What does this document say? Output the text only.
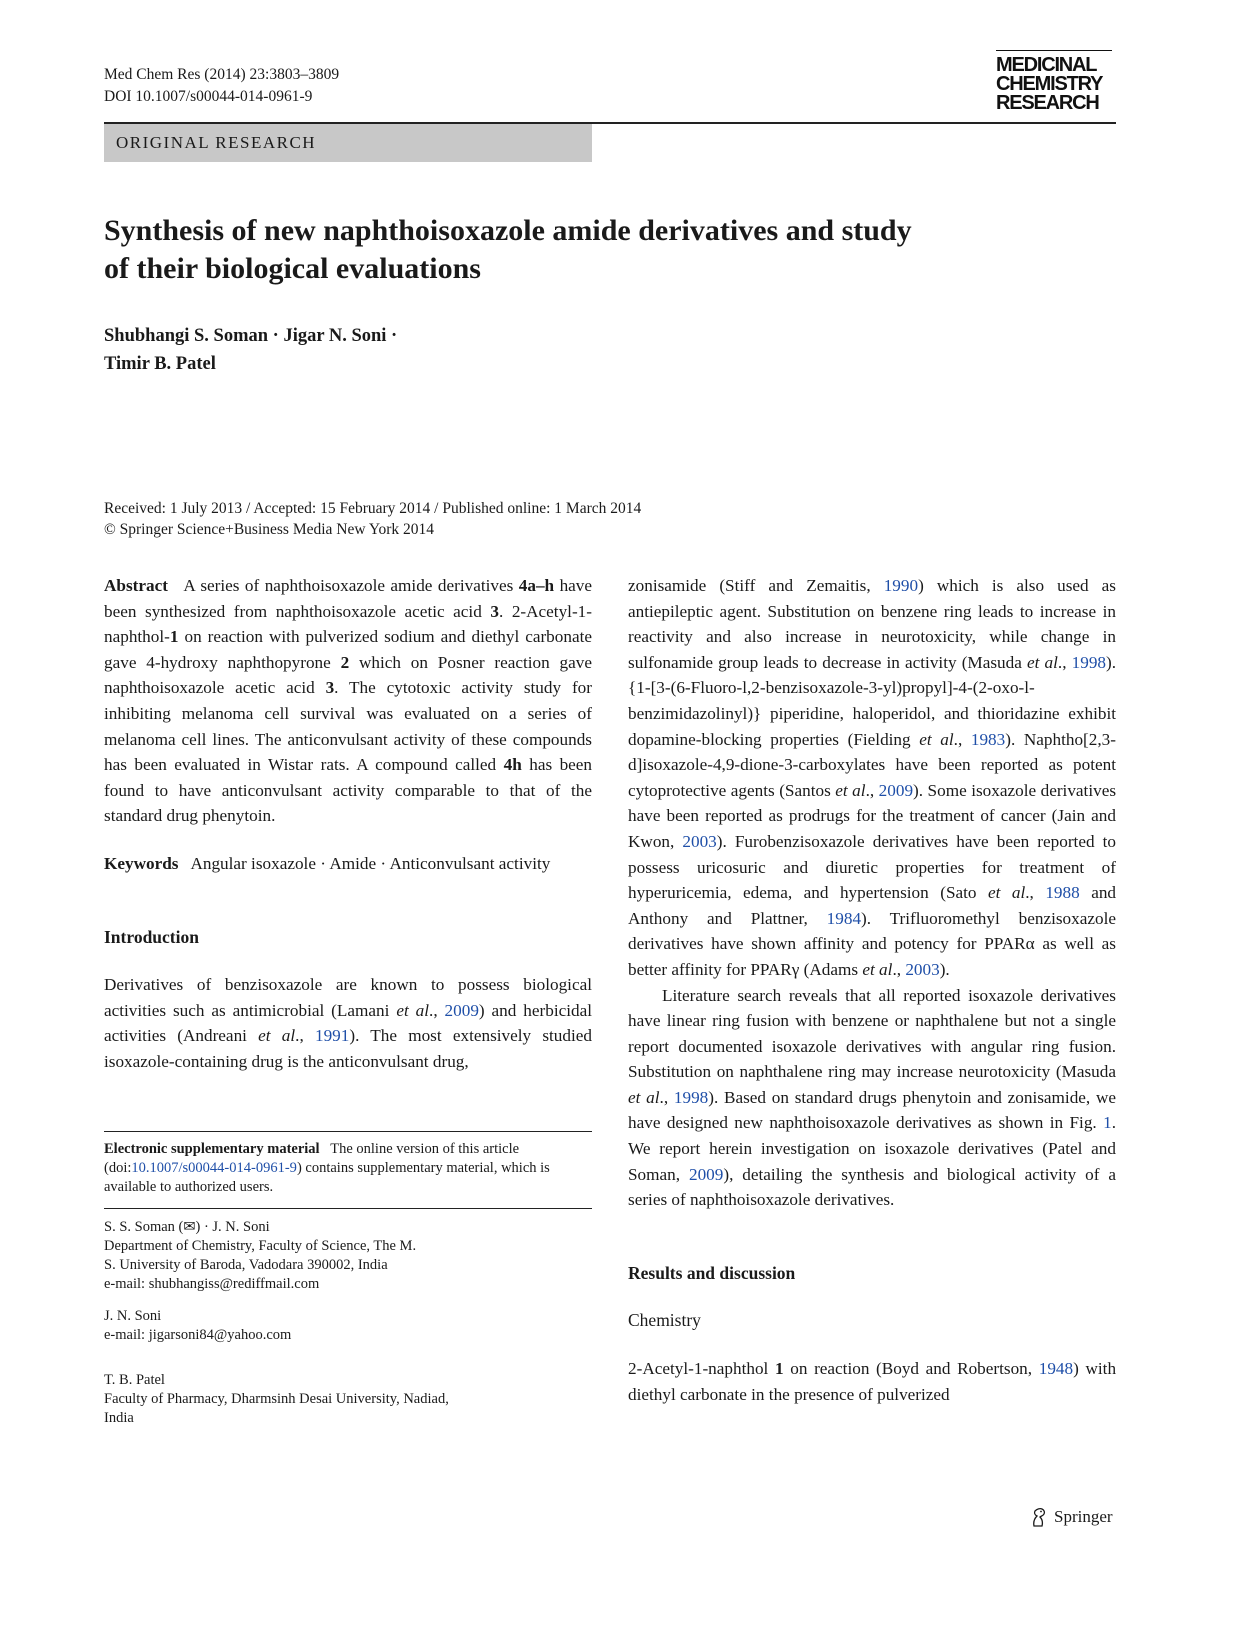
Med Chem Res (2014) 23:3803–3809
DOI 10.1007/s00044-014-0961-9
MEDICINAL
CHEMISTRY
RESEARCH
ORIGINAL RESEARCH
Synthesis of new naphthoisoxazole amide derivatives and study
of their biological evaluations
Shubhangi S. Soman · Jigar N. Soni ·
Timir B. Patel
Received: 1 July 2013 / Accepted: 15 February 2014 / Published online: 1 March 2014
© Springer Science+Business Media New York 2014

Abstract A series of naphthoisoxazole amide derivatives 4a–h have been synthesized from naphthoisoxazole acetic acid 3. 2-Acetyl-1-naphthol-1 on reaction with pulverized sodium and diethyl carbonate gave 4-hydroxy naphthopyrone 2 which on Posner reaction gave naphthoisoxazole acetic acid 3. The cytotoxic activity study for inhibiting melanoma cell survival was evaluated on a series of melanoma cell lines. The anticonvulsant activity of these compounds has been evaluated in Wistar rats. A compound called 4h has been found to have anticonvulsant activity comparable to that of the standard drug phenytoin.

Keywords Angular isoxazole · Amide · Anticonvulsant activity

Introduction

Derivatives of benzisoxazole are known to possess biological activities such as antimicrobial (Lamani et al., 2009) and herbicidal activities (Andreani et al., 1991). The most extensively studied isoxazole-containing drug is the anticonvulsant drug,

Electronic supplementary material The online version of this article (doi:10.1007/s00044-014-0961-9) contains supplementary material, which is available to authorized users.
S. S. Soman (✉) · J. N. Soni
Department of Chemistry, Faculty of Science, The M.
S. University of Baroda, Vadodara 390002, India
e-mail: shubhangiss@rediffmail.com
J. N. Soni
e-mail: jigarsoni84@yahoo.com
T. B. Patel
Faculty of Pharmacy, Dharmsinh Desai University, Nadiad,
India

zonisamide (Stiff and Zemaitis, 1990) which is also used as antiepileptic agent. Substitution on benzene ring leads to increase in reactivity and also increase in neurotoxicity, while change in sulfonamide group leads to decrease in activity (Masuda et al., 1998). {1-[3-(6-Fluoro-l,2-benzisoxazole-3-yl)propyl]-4-(2-oxo-l-benzimidazolinyl)} piperidine, haloperidol, and thioridazine exhibit dopamine-blocking properties (Fielding et al., 1983). Naphtho[2,3-d]isoxazole-4,9-dione-3-carboxylates have been reported as potent cytoprotective agents (Santos et al., 2009). Some isoxazole derivatives have been reported as prodrugs for the treatment of cancer (Jain and Kwon, 2003). Furobenzisoxazole derivatives have been reported to possess uricosuric and diuretic properties for treatment of hyperuricemia, edema, and hypertension (Sato et al., 1988 and Anthony and Plattner, 1984). Trifluoromethyl benzisoxazole derivatives have shown affinity and potency for PPARα as well as better affinity for PPARγ (Adams et al., 2003).

Literature search reveals that all reported isoxazole derivatives have linear ring fusion with benzene or naphthalene but not a single report documented isoxazole derivatives with angular ring fusion. Substitution on naphthalene ring may increase neurotoxicity (Masuda et al., 1998). Based on standard drugs phenytoin and zonisamide, we have designed new naphthoisoxazole derivatives as shown in Fig. 1. We report herein investigation on isoxazole derivatives (Patel and Soman, 2009), detailing the synthesis and biological activity of a series of naphthoisoxazole derivatives.

Results and discussion

Chemistry

2-Acetyl-1-naphthol 1 on reaction (Boyd and Robertson, 1948) with diethyl carbonate in the presence of pulverized

Springer
